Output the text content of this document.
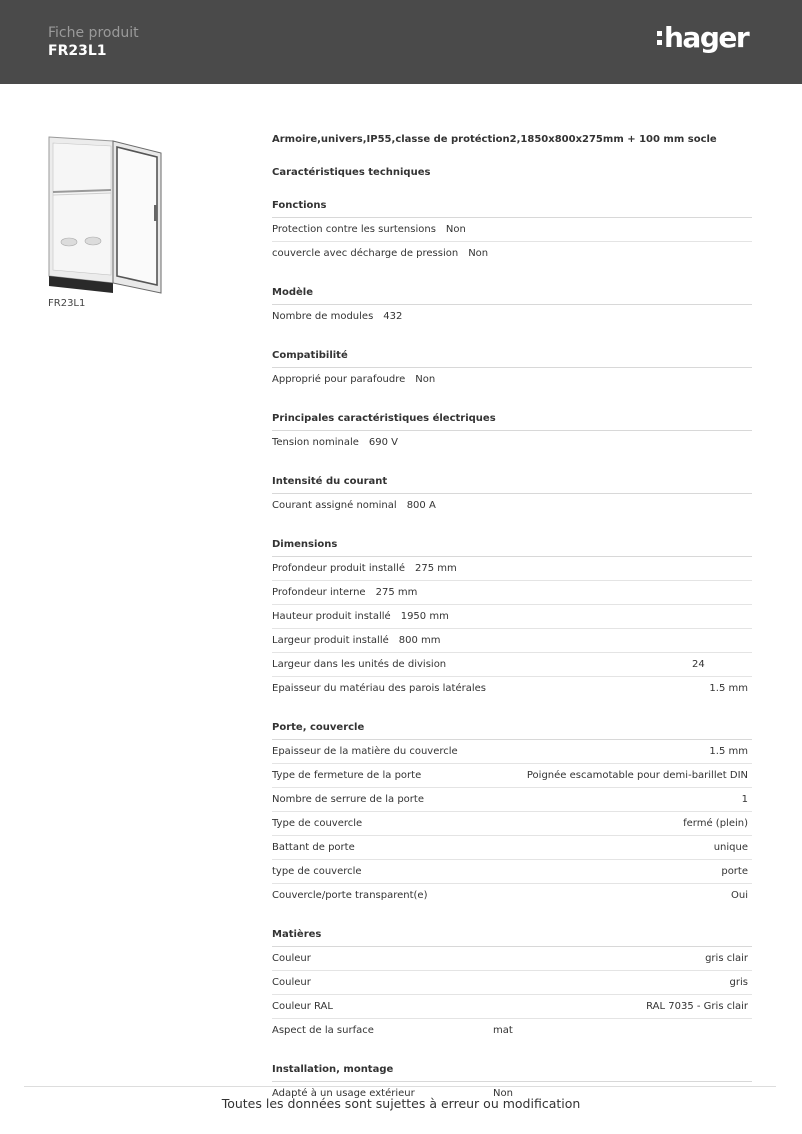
Fiche produit
FR23L1	hager
FR23L1
Armoire,univers,IP55,classe de protéction2,1850x800x275mm + 100 mm socle
Caractéristiques techniques
Fonctions
Protection contre les surtensions Non
couvercle avec décharge de pression Non
Modèle
Nombre de modules 432
Compatibilité
Approprié pour parafoudre Non
Principales caractéristiques électriques
Tension nominale 690 V
Intensité du courant
Courant assigné nominal 800 A
Dimensions
Profondeur produit installé 275 mm
Profondeur interne 275 mm
Hauteur produit installé 1950 mm
Largeur produit installé 800 mm
Largeur dans les unités de division	24
Epaisseur du matériau des parois latérales	1.5 mm
Porte, couvercle
Epaisseur de la matière du couvercle	1.5 mm
Type de fermeture de la porte	Poignée escamotable pour demi-barillet DIN
Nombre de serrure de la porte	1
Type de couvercle	fermé (plein)
Battant de porte	unique
type de couvercle	porte
Couvercle/porte transparent(e)	Oui
Matières
Couleur	gris clair
Couleur	gris
Couleur RAL	RAL 7035 - Gris clair
Aspect de la surface	mat
Installation, montage
Adapté à un usage extérieur	Non
Toutes les données sont sujettes à erreur ou modification
